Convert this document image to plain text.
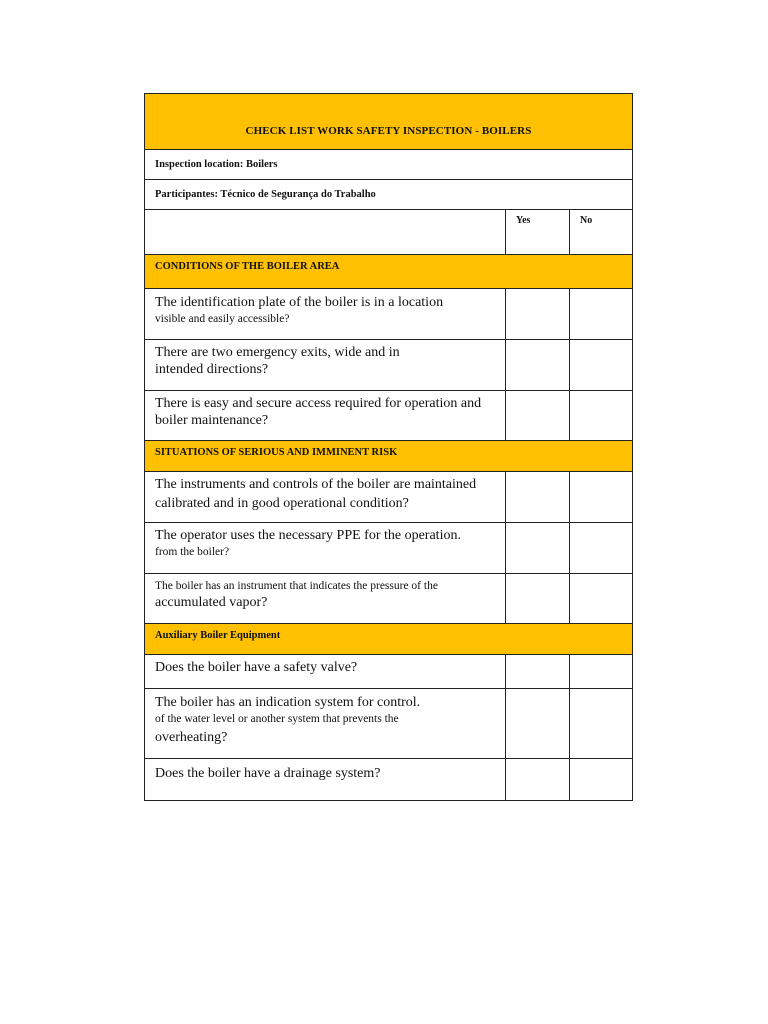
CHECK LIST WORK SAFETY INSPECTION - BOILERS
Inspection location: Boilers
Participantes: Técnico de Segurança do Trabalho
Yes	No
CONDITIONS OF THE BOILER AREA
The identification plate of the boiler is in a location
visible and easily accessible?
There are two emergency exits, wide and in
intended directions?
There is easy and secure access required for operation and
boiler maintenance?
SITUATIONS OF SERIOUS AND IMMINENT RISK
The instruments and controls of the boiler are maintained
calibrated and in good operational condition?
The operator uses the necessary PPE for the operation.
from the boiler?
The boiler has an instrument that indicates the pressure of the
accumulated vapor?
Auxiliary Boiler Equipment
Does the boiler have a safety valve?
The boiler has an indication system for control.
of the water level or another system that prevents the
overheating?
Does the boiler have a drainage system?
